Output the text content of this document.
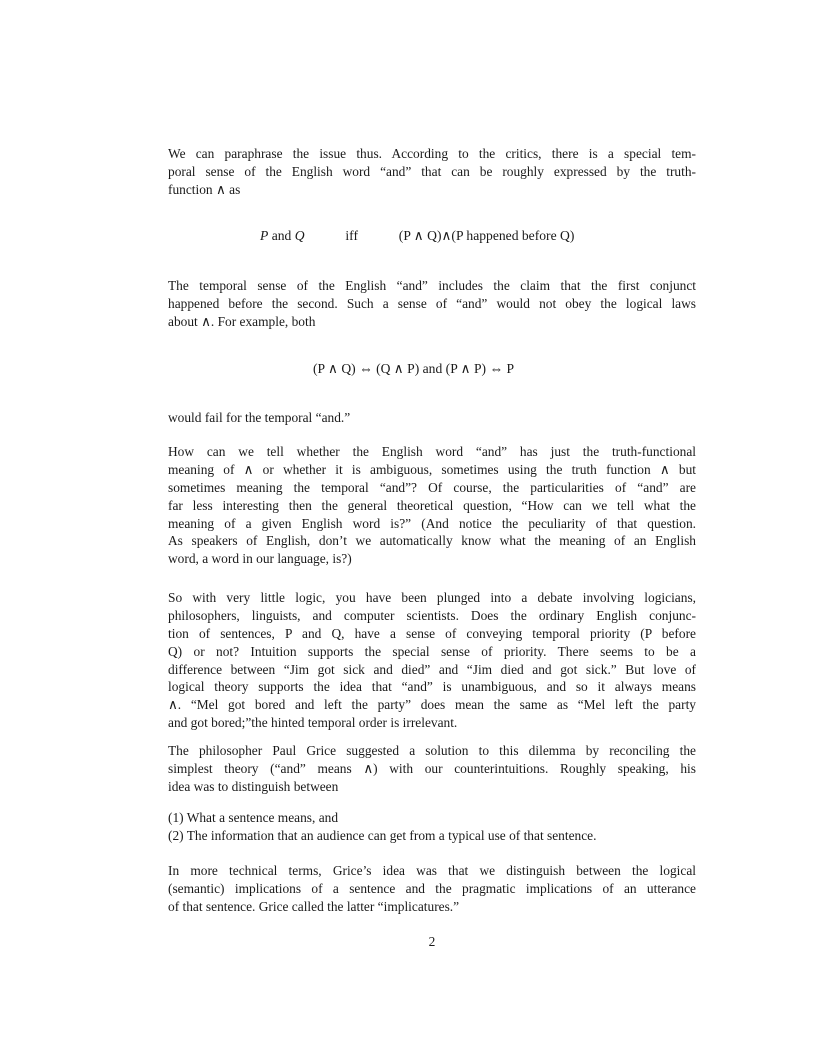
We can paraphrase the issue thus. According to the critics, there is a special tem-
poral sense of the English word “and” that can be roughly expressed by the truth-
function ∧ as
P and Q	iff	(P ∧ Q)∧(P happened before Q)
The temporal sense of the English “and” includes the claim that the first conjunct
happened before the second. Such a sense of “and” would not obey the logical laws
about ∧. For example, both
(P ∧ Q) ⇔ (Q ∧ P) and (P ∧ P) ⇔ P
would fail for the temporal “and.”
How can we tell whether the English word “and” has just the truth-functional
meaning of ∧ or whether it is ambiguous, sometimes using the truth function ∧ but
sometimes meaning the temporal “and”? Of course, the particularities of “and” are
far less interesting then the general theoretical question, “How can we tell what the
meaning of a given English word is?” (And notice the peculiarity of that question.
As speakers of English, don’t we automatically know what the meaning of an English
word, a word in our language, is?)
So with very little logic, you have been plunged into a debate involving logicians,
philosophers, linguists, and computer scientists. Does the ordinary English conjunc-
tion of sentences, P and Q, have a sense of conveying temporal priority (P before
Q) or not? Intuition supports the special sense of priority. There seems to be a
difference between “Jim got sick and died” and “Jim died and got sick.” But love of
logical theory supports the idea that “and” is unambiguous, and so it always means
∧. “Mel got bored and left the party” does mean the same as “Mel left the party
and got bored;”the hinted temporal order is irrelevant.
The philosopher Paul Grice suggested a solution to this dilemma by reconciling the
simplest theory (“and” means ∧) with our counterintuitions. Roughly speaking, his
idea was to distinguish between
(1) What a sentence means, and
(2) The information that an audience can get from a typical use of that sentence.
In more technical terms, Grice’s idea was that we distinguish between the logical
(semantic) implications of a sentence and the pragmatic implications of an utterance
of that sentence. Grice called the latter “implicatures.”
2
